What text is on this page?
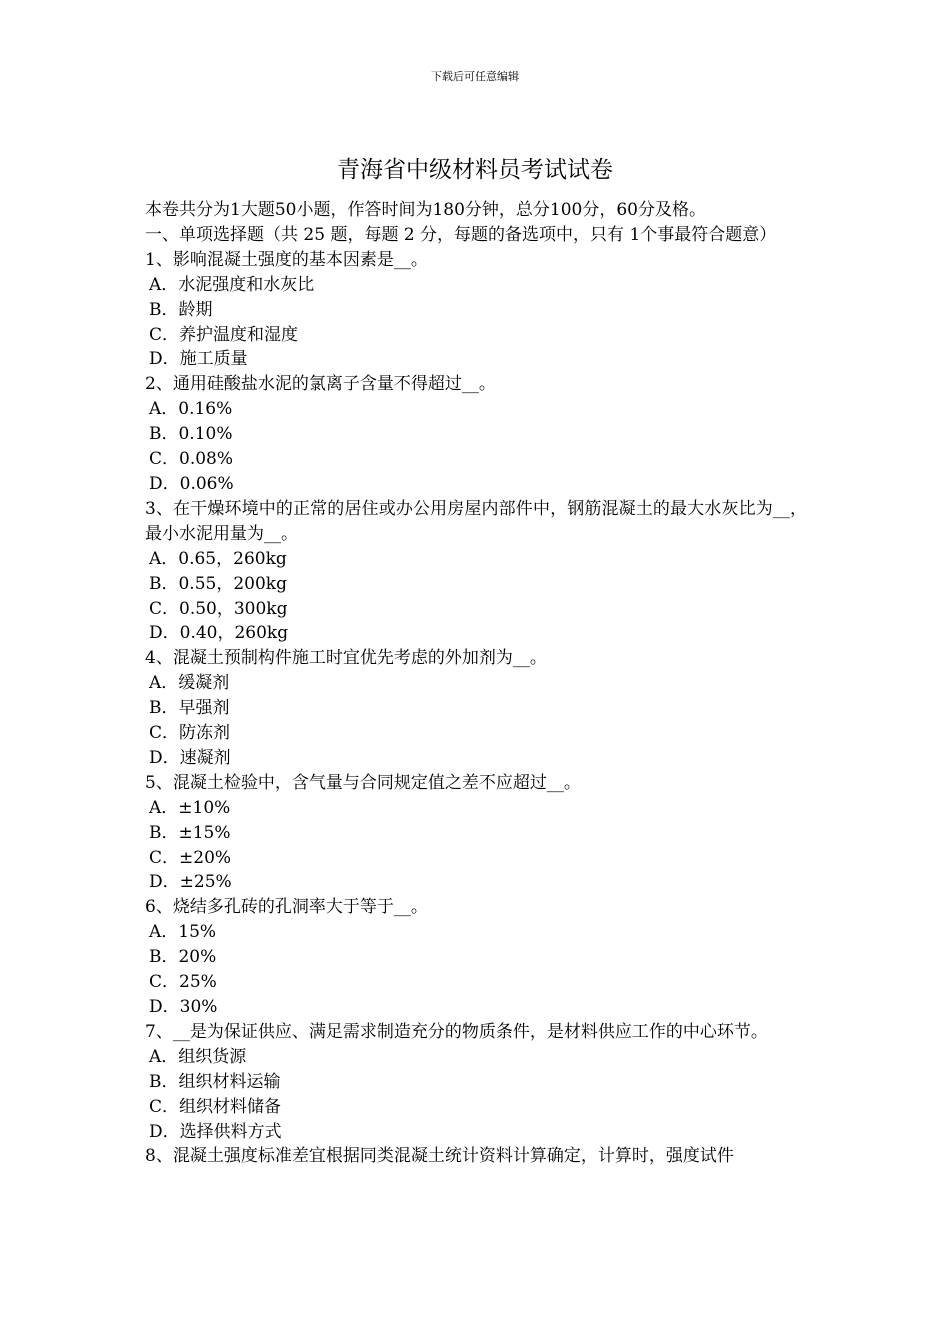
下载后可任意编辑
青海省中级材料员考试试卷
本卷共分为1大题50小题，作答时间为180分钟，总分100分，60分及格。
一、单项选择题（共 25 题，每题 2 分，每题的备选项中，只有 1个事最符合题意）
1、影响混凝土强度的基本因素是__。
A．水泥强度和水灰比
B．龄期
C．养护温度和湿度
D．施工质量
2、通用硅酸盐水泥的氯离子含量不得超过__。
A．0.16%
B．0.10%
C．0.08%
D．0.06%
3、在干燥环境中的正常的居住或办公用房屋内部件中，钢筋混凝土的最大水灰比为__，最小水泥用量为__。
A．0.65，260kg
B．0.55，200kg
C．0.50，300kg
D．0.40，260kg
4、混凝土预制构件施工时宜优先考虑的外加剂为__。
A．缓凝剂
B．早强剂
C．防冻剂
D．速凝剂
5、混凝土检验中，含气量与合同规定值之差不应超过__。
A．±10%
B．±15%
C．±20%
D．±25%
6、烧结多孔砖的孔洞率大于等于__。
A．15%
B．20%
C．25%
D．30%
7、__是为保证供应、满足需求制造充分的物质条件，是材料供应工作的中心环节。
A．组织货源
B．组织材料运输
C．组织材料储备
D．选择供料方式
8、混凝土强度标准差宜根据同类混凝土统计资料计算确定，计算时，强度试件
